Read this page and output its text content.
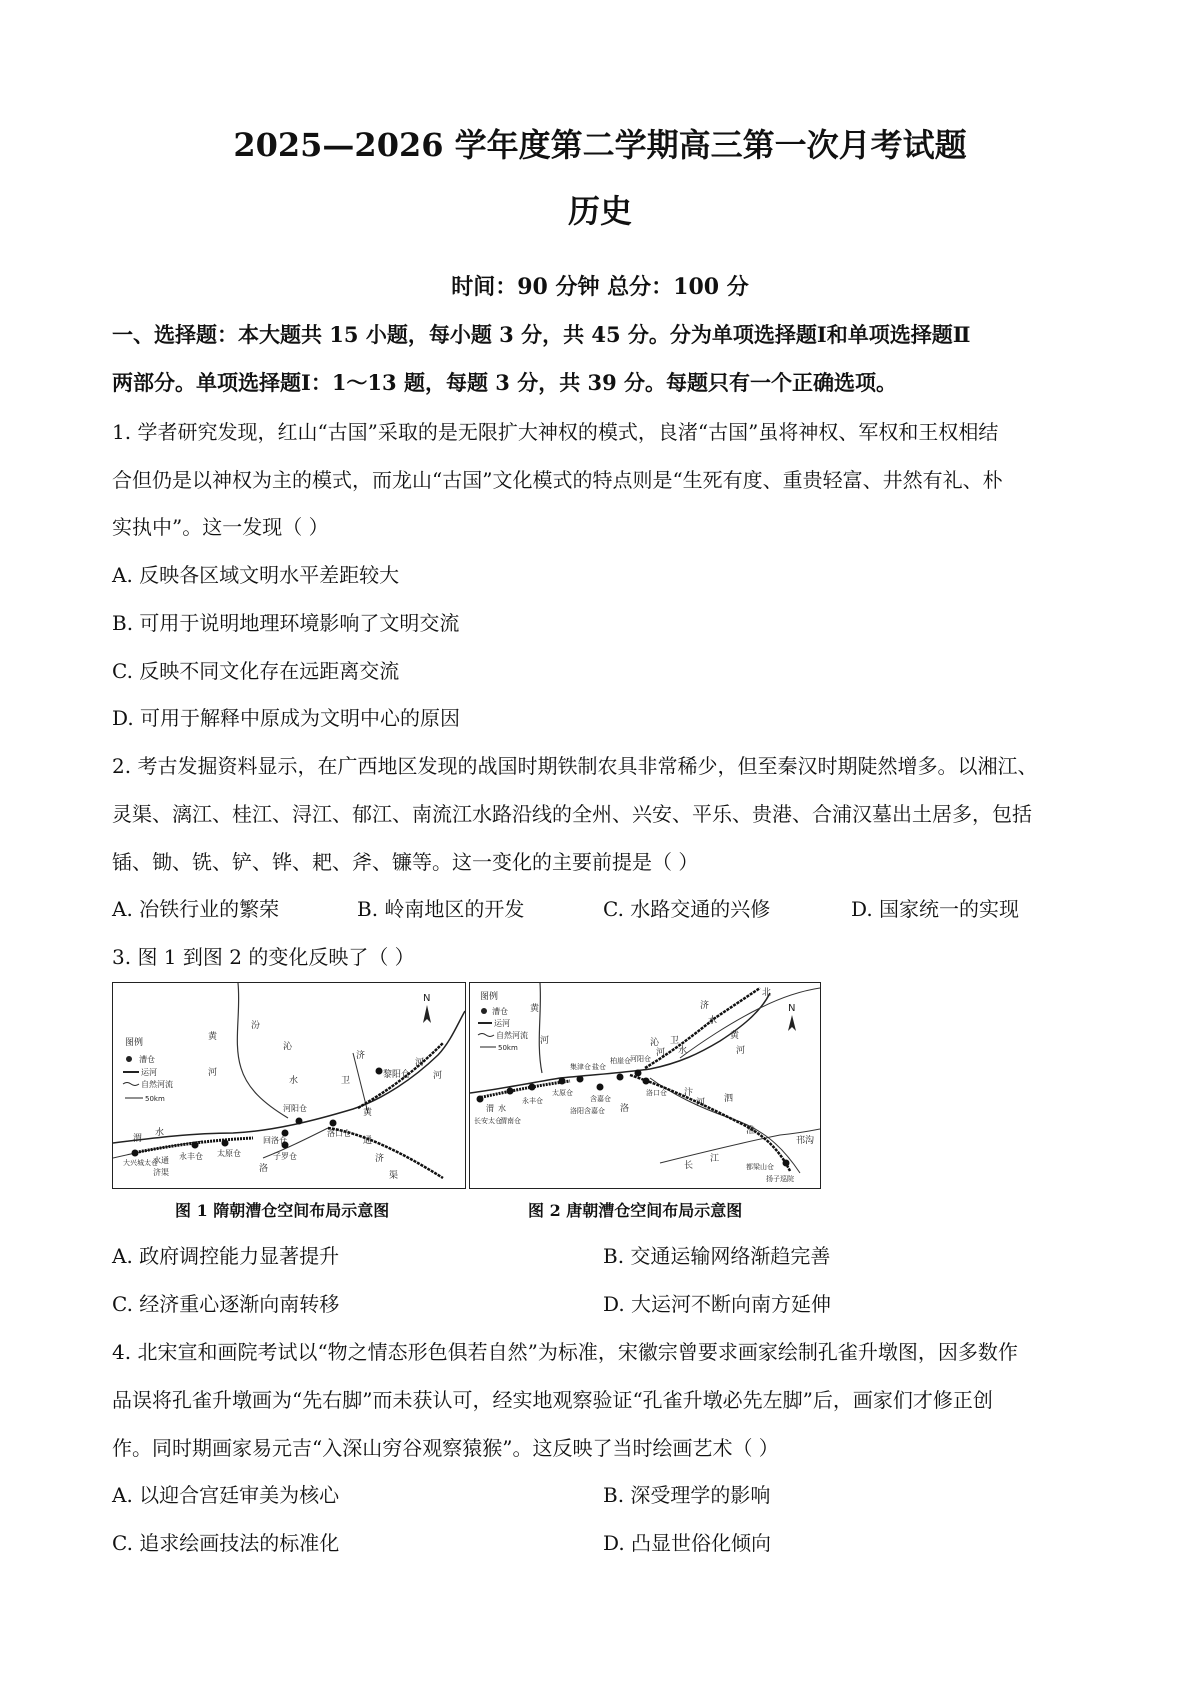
2025—2026 学年度第二学期高三第一次月考试题
历史
时间：90 分钟 总分：100 分
一、选择题：本大题共 15 小题，每小题 3 分，共 45 分。分为单项选择题Ⅰ和单项选择题Ⅱ
两部分。单项选择题Ⅰ：1～13 题，每题 3 分，共 39 分。每题只有一个正确选项。
1. 学者研究发现，红山“古国”采取的是无限扩大神权的模式，良渚“古国”虽将神权、军权和王权相结
合但仍是以神权为主的模式，而龙山“古国”文化模式的特点则是“生死有度、重贵轻富、井然有礼、朴
实执中”。这一发现（ ）
A. 反映各区域文明水平差距较大
B. 可用于说明地理环境影响了文明交流
C. 反映不同文化存在远距离交流
D. 可用于解释中原成为文明中心的原因
2. 考古发掘资料显示，在广西地区发现的战国时期铁制农具非常稀少，但至秦汉时期陡然增多。以湘江、
灵渠、漓江、桂江、浔江、郁江、南流江水路沿线的全州、兴安、平乐、贵港、合浦汉墓出土居多，包括
锸、锄、铣、铲、铧、耙、斧、镰等。这一变化的主要前提是（ ）
A. 冶铁行业的繁荣	B. 岭南地区的开发	C. 水路交通的兴修	D. 国家统一的实现
3. 图 1 到图 2 的变化反映了（ ）
图例
漕仓
运河
自然河流
50km
N
黄
河
汾
沁
水
济
卫
河
黎阳仓
渭
水
永丰仓 太原仓
回洛仓
河阳仓
洛口仓
子罗仓
通
济
渠
洛
大兴城太仓
水通
济渠
黄
河
图例
漕仓
运河
自然河流
50km
N
黄
河
渭 水
永丰仓
太原仓
集津仓 盐仓
柏崖仓 河阳仓
洛口仓
含嘉仓
长安太仓
洛阳含嘉仓
汴
河
济
水
黄
河
淮
泗
洛
邗沟
扬子巡院
都梁山仓
卫
水
渭南仓
北
沁
河
长
江
图 1 隋朝漕仓空间布局示意图	图 2 唐朝漕仓空间布局示意图
A. 政府调控能力显著提升	B. 交通运输网络渐趋完善
C. 经济重心逐渐向南转移	D. 大运河不断向南方延伸
4. 北宋宣和画院考试以“物之情态形色俱若自然”为标准，宋徽宗曾要求画家绘制孔雀升墩图，因多数作
品误将孔雀升墩画为“先右脚”而未获认可，经实地观察验证“孔雀升墩必先左脚”后，画家们才修正创
作。同时期画家易元吉“入深山穷谷观察猿猴”。这反映了当时绘画艺术（ ）
A. 以迎合宫廷审美为核心	B. 深受理学的影响
C. 追求绘画技法的标准化	D. 凸显世俗化倾向
